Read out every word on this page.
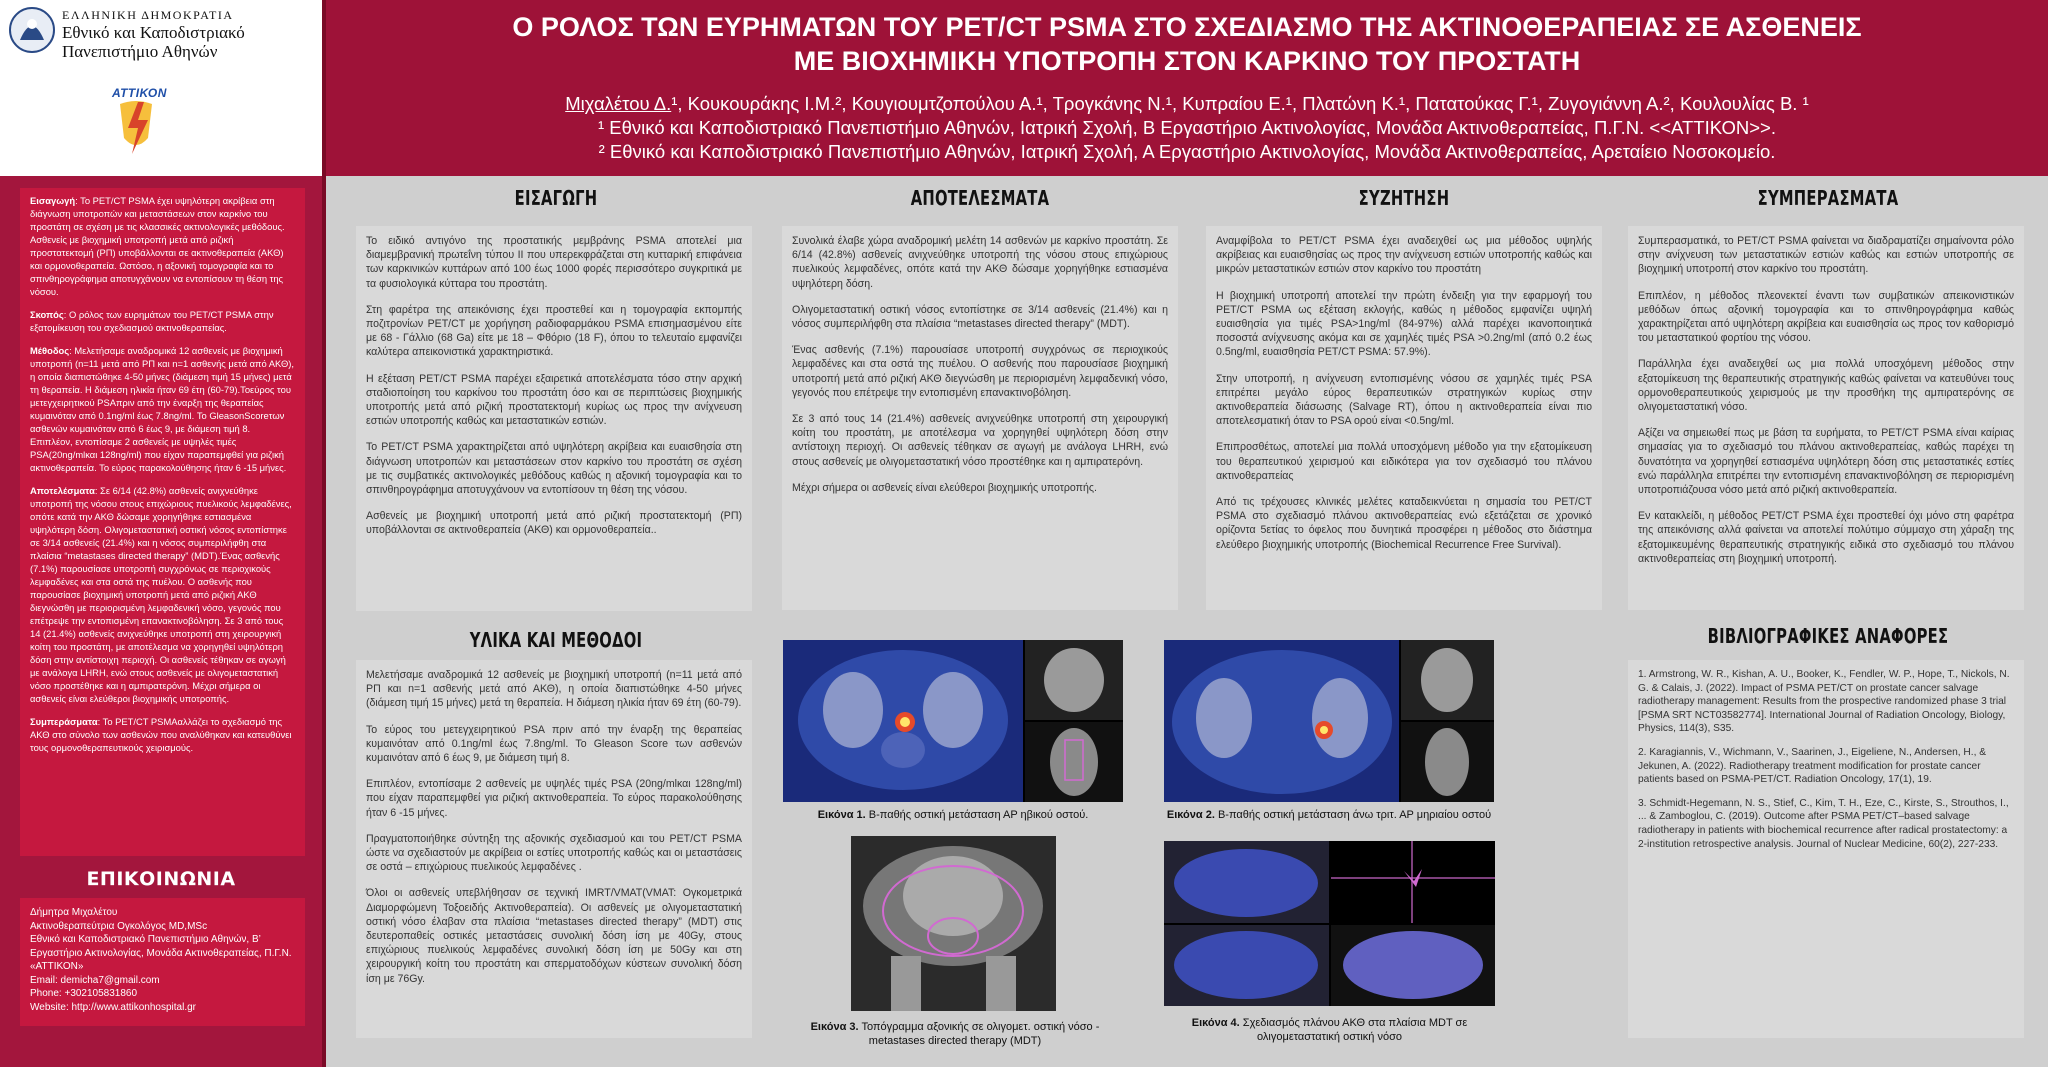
ΕΛΛΗΝΙΚΗ ΔΗΜΟΚΡΑΤΙΑ
Εθνικό και Καποδιστριακό
Πανεπιστήμιο Αθηνών
ΑΤΤΙΚΟΝ
Ο ΡΟΛΟΣ ΤΩΝ ΕΥΡΗΜΑΤΩΝ ΤΟΥ PET/CT PSMA ΣΤΟ ΣΧΕΔΙΑΣΜΟ ΤΗΣ ΑΚΤΙΝΟΘΕΡΑΠΕΙΑΣ ΣΕ ΑΣΘΕΝΕΙΣ
ΜΕ ΒΙΟΧΗΜΙΚΗ ΥΠΟΤΡΟΠΗ ΣΤΟΝ ΚΑΡΚΙΝΟ ΤΟΥ ΠΡΟΣΤΑΤΗ
Μιχαλέτου Δ.¹, Κουκουράκης Ι.Μ.², Κουγιουμτζοπούλου Α.¹, Τρογκάνης Ν.¹, Κυπραίου Ε.¹, Πλατώνη Κ.¹, Πατατούκας Γ.¹, Ζυγογιάννη Α.², Κουλουλίας Β. ¹
¹ Εθνικό και Καποδιστριακό Πανεπιστήμιο Αθηνών, Ιατρική Σχολή, Β Εργαστήριο Ακτινολογίας, Μονάδα Ακτινοθεραπείας, Π.Γ.Ν. <<ΑΤΤΙΚΟΝ>>.
² Εθνικό και Καποδιστριακό Πανεπιστήμιο Αθηνών, Ιατρική Σχολή, Α Εργαστήριο Ακτινολογίας, Μονάδα Ακτινοθεραπείας, Αρεταίειο Νοσοκομείο.

Εισαγωγή: Το PET/CT PSMA έχει υψηλότερη ακρίβεια στη διάγνωση υποτροπών και μεταστάσεων στον καρκίνο του προστάτη σε σχέση με τις κλασσικές ακτινολογικές μεθόδους. Ασθενείς με βιοχημική υποτροπή μετά από ριζική προστατεκτομή (ΡΠ) υποβάλλονται σε ακτινοθεραπεία (ΑΚΘ) και ορμονοθεραπεία. Ωστόσο, η αξονική τομογραφία και το σπινθηρογράφημα αποτυγχάνουν να εντοπίσουν τη θέση της νόσου.

Σκοπός: Ο ρόλος των ευρημάτων του PET/CT PSMA στην εξατομίκευση του σχεδιασμού ακτινοθεραπείας.

Μέθοδος: Μελετήσαμε αναδρομικά 12 ασθενείς με βιοχημική υποτροπή (n=11 μετά από ΡΠ και n=1 ασθενής μετά από ΑΚΘ), η οποία διαπιστώθηκε 4-50 μήνες (διάμεση τιμή 15 μήνες) μετά τη θεραπεία. Η διάμεση ηλικία ήταν 69 έτη (60-79).Τοεύρος του μετεγχειρητικού PSAπριν από την έναρξη της θεραπείας κυμαινόταν από 0.1ng/ml έως 7.8ng/ml. Το GleasonScoreτων ασθενών κυμαινόταν από 6 έως 9, με διάμεση τιμή 8. Επιπλέον, εντοπίσαμε 2 ασθενείς με υψηλές τιμές PSA(20ng/mlκαι 128ng/ml) που είχαν παραπεμφθεί για ριζική ακτινοθεραπεία. Το εύρος παρακολούθησης ήταν 6 -15 μήνες.

Αποτελέσματα: Σε 6/14 (42.8%) ασθενείς ανιχνεύθηκε υποτροπή της νόσου στους επιχώριους πυελικούς λεμφαδένες, οπότε κατά την ΑΚΘ δώσαμε χορηγήθηκε εστιασμένα υψηλότερη δόση. Ολιγομεταστατική οστική νόσος εντοπίστηκε σε 3/14 ασθενείς (21.4%) και η νόσος συμπεριλήφθη στα πλαίσια “metastases directed therapy” (MDT).Ένας ασθενής (7.1%) παρουσίασε υποτροπή συγχρόνως σε περιοχικούς λεμφαδένες και στα οστά της πυέλου. Ο ασθενής που παρουσίασε βιοχημική υποτροπή μετά από ριζική ΑΚΘ διεγνώσθη με περιορισμένη λεμφαδενική νόσο, γεγονός που επέτρεψε την εντοπισμένη επανακτινοβόληση. Σε 3 από τους 14 (21.4%) ασθενείς ανιχνεύθηκε υποτροπή στη χειρουργική κοίτη του προστάτη, με αποτέλεσμα να χορηγηθεί υψηλότερη δόση στην αντίστοιχη περιοχή. Οι ασθενείς τέθηκαν σε αγωγή με ανάλογα LHRH, ενώ στους ασθενείς με ολιγομεταστατική νόσο προστέθηκε και η αμπιρατερόνη. Μέχρι σήμερα οι ασθενείς είναι ελεύθεροι βιοχημικής υποτροπής.

Συμπεράσματα: Το PET/CT PSMAαλλάζει το σχεδιασμό της ΑΚΘ στο σύνολο των ασθενών που αναλύθηκαν και κατευθύνει τους ορμονοθεραπευτικούς χειρισμούς.

ΕΠΙΚΟΙΝΩΝΙΑ
Δήμητρα Μιχαλέτου
Ακτινοθεραπεύτρια Ογκολόγος MD,MSc
Εθνικό και Καποδιστριακό Πανεπιστήμιο Αθηνών, Β’ Εργαστήριο Ακτινολογίας, Μονάδα Ακτινοθεραπείας, Π.Γ.Ν. «ΑΤΤΙΚΟΝ»
Email: demicha7@gmail.com
Phone: +302105831860
Website: http://www.attikonhospital.gr
ΕΙΣΑΓΩΓΗ

Το ειδικό αντιγόνο της προστατικής μεμβράνης PSMA αποτελεί μια διαμεμβρανική πρωτεΐνη τύπου ΙΙ που υπερεκφράζεται στη κυτταρική επιφάνεια των καρκινικών κυττάρων από 100 έως 1000 φορές περισσότερο συγκριτικά με τα φυσιολογικά κύτταρα του προστάτη.

Στη φαρέτρα της απεικόνισης έχει προστεθεί και η τομογραφία εκπομπής ποζιτρονίων PET/CT με χορήγηση ραδιοφαρμάκου PSMA επισημασμένου είτε με 68 - Γάλλιο (68 Ga) είτε με 18 – Φθόριο (18 F), όπου το τελευταίο εμφανίζει καλύτερα απεικονιστικά χαρακτηριστικά.

Η εξέταση PET/CT PSMA παρέχει εξαιρετικά αποτελέσματα τόσο στην αρχική σταδιοποίηση του καρκίνου του προστάτη όσο και σε περιπτώσεις βιοχημικής υποτροπής μετά από ριζική προστατεκτομή κυρίως ως προς την ανίχνευση εστιών υποτροπής καθώς και μεταστατικών εστιών.

Το PET/CT PSMA χαρακτηρίζεται από υψηλότερη ακρίβεια και ευαισθησία στη διάγνωση υποτροπών και μεταστάσεων στον καρκίνο του προστάτη σε σχέση με τις συμβατικές ακτινολογικές μεθόδους καθώς η αξονική τομογραφία και το σπινθηρογράφημα αποτυγχάνουν να εντοπίσουν τη θέση της νόσου.

Ασθενείς με βιοχημική υποτροπή μετά από ριζική προστατεκτομή (ΡΠ) υποβάλλονται σε ακτινοθεραπεία (ΑΚΘ) και ορμονοθεραπεία..

ΥΛΙΚΑ ΚΑΙ ΜΕΘΟΔΟΙ

Μελετήσαμε αναδρομικά 12 ασθενείς με βιοχημική υποτροπή (n=11 μετά από ΡΠ και n=1 ασθενής μετά από ΑΚΘ), η οποία διαπιστώθηκε 4-50 μήνες (διάμεση τιμή 15 μήνες) μετά τη θεραπεία. Η διάμεση ηλικία ήταν 69 έτη (60-79).

Το εύρος του μετεγχειρητικού PSA πριν από την έναρξη της θεραπείας κυμαινόταν από 0.1ng/ml έως 7.8ng/ml. Το Gleason Score των ασθενών κυμαινόταν από 6 έως 9, με διάμεση τιμή 8.

Επιπλέον, εντοπίσαμε 2 ασθενείς με υψηλές τιμές PSA (20ng/mlκαι 128ng/ml) που είχαν παραπεμφθεί για ριζική ακτινοθεραπεία. Το εύρος παρακολούθησης ήταν 6 -15 μήνες.

Πραγματοποιήθηκε σύντηξη της αξονικής σχεδιασμού και του PET/CT PSMA ώστε να σχεδιαστούν με ακρίβεια οι εστίες υποτροπής καθώς και οι μεταστάσεις σε οστά – επιχώριους πυελικούς λεμφαδένες .

Όλοι οι ασθενείς υπεβλήθησαν σε τεχνική IMRT/VMAT(VMAT: Ογκομετρικά Διαμορφώμενη Τοξοειδής Ακτινοθεραπεία). Οι ασθενείς με ολιγομεταστατική οστική νόσο έλαβαν στα πλαίσια “metastases directed therapy” (MDT) στις δευτεροπαθείς οστικές μεταστάσεις συνολική δόση ίση με 40Gy, στους επιχώριους πυελικούς λεμφαδένες συνολική δόση ίση με 50Gy και στη χειρουργική κοίτη του προστάτη και σπερματοδόχων κύστεων συνολική δόση ίση με 76Gy.

ΑΠΟΤΕΛΕΣΜΑΤΑ

Συνολικά έλαβε χώρα αναδρομική μελέτη 14 ασθενών με καρκίνο προστάτη. Σε 6/14 (42.8%) ασθενείς ανιχνεύθηκε υποτροπή της νόσου στους επιχώριους πυελικούς λεμφαδένες, οπότε κατά την ΑΚΘ δώσαμε χορηγήθηκε εστιασμένα υψηλότερη δόση.

Ολιγομεταστατική οστική νόσος εντοπίστηκε σε 3/14 ασθενείς (21.4%) και η νόσος συμπεριλήφθη στα πλαίσια “metastases directed therapy” (MDT).

Ένας ασθενής (7.1%) παρουσίασε υποτροπή συγχρόνως σε περιοχικούς λεμφαδένες και στα οστά της πυέλου. Ο ασθενής που παρουσίασε βιοχημική υποτροπή μετά από ριζική ΑΚΘ διεγνώσθη με περιορισμένη λεμφαδενική νόσο, γεγονός που επέτρεψε την εντοπισμένη επανακτινοβόληση.

Σε 3 από τους 14 (21.4%) ασθενείς ανιχνεύθηκε υποτροπή στη χειρουργική κοίτη του προστάτη, με αποτέλεσμα να χορηγηθεί υψηλότερη δόση στην αντίστοιχη περιοχή. Οι ασθενείς τέθηκαν σε αγωγή με ανάλογα LHRH, ενώ στους ασθενείς με ολιγομεταστατική νόσο προστέθηκε και η αμπιρατερόνη.

Μέχρι σήμερα οι ασθενείς είναι ελεύθεροι βιοχημικής υποτροπής.

ΣΥΖΗΤΗΣΗ

Αναμφίβολα το PET/CT PSMA έχει αναδειχθεί ως μια μέθοδος υψηλής ακρίβειας και ευαισθησίας ως προς την ανίχνευση εστιών υποτροπής καθώς και μικρών μεταστατικών εστιών στον καρκίνο του προστάτη

Η βιοχημική υποτροπή αποτελεί την πρώτη ένδειξη για την εφαρμογή του PET/CT PSMA ως εξέταση εκλογής, καθώς η μέθοδος εμφανίζει υψηλή ευαισθησία για τιμές PSA>1ng/ml (84-97%) αλλά παρέχει ικανοποιητικά ποσοστά ανίχνευσης ακόμα και σε χαμηλές τιμές PSA >0.2ng/ml (από 0.2 έως 0.5ng/ml, ευαισθησία PET/CT PSMA: 57.9%).

Στην υποτροπή, η ανίχνευση εντοπισμένης νόσου σε χαμηλές τιμές PSA επιτρέπει μεγάλο εύρος θεραπευτικών στρατηγικών κυρίως στην ακτινοθεραπεία διάσωσης (Salvage RT), όπου η ακτινοθεραπεία είναι πιο αποτελεσματική όταν το PSA ορού είναι <0.5ng/ml.

Επιπροσθέτως, αποτελεί μια πολλά υποσχόμενη μέθοδο για την εξατομίκευση του θεραπευτικού χειρισμού και ειδικότερα για τον σχεδιασμό του πλάνου ακτινοθεραπείας

Από τις τρέχουσες κλινικές μελέτες καταδεικνύεται η σημασία του PET/CT PSMA στο σχεδιασμό πλάνου ακτινοθεραπείας ενώ εξετάζεται σε χρονικό ορίζοντα 5ετίας το όφελος που δυνητικά προσφέρει η μέθοδος στο διάστημα ελεύθερο βιοχημικής υποτροπής (Biochemical Recurrence Free Survival).

ΣΥΜΠΕΡΑΣΜΑΤΑ

Συμπερασματικά, το PET/CT PSMA φαίνεται να διαδραματίζει σημαίνοντα ρόλο στην ανίχνευση των μεταστατικών εστιών καθώς και εστιών υποτροπής σε βιοχημική υποτροπή στον καρκίνο του προστάτη.

Επιπλέον, η μέθοδος πλεονεκτεί έναντι των συμβατικών απεικονιστικών μεθόδων όπως αξονική τομογραφία και το σπινθηρογράφημα καθώς χαρακτηρίζεται από υψηλότερη ακρίβεια και ευαισθησία ως προς τον καθορισμό του μεταστατικού φορτίου της νόσου.

Παράλληλα έχει αναδειχθεί ως μια πολλά υποσχόμενη μέθοδος στην εξατομίκευση της θεραπευτικής στρατηγικής καθώς φαίνεται να κατευθύνει τους ορμονοθεραπευτικούς χειρισμούς με την προσθήκη της αμπιρατερόνης σε ολιγομεταστατική νόσο.

Αξίζει να σημειωθεί πως με βάση τα ευρήματα, το PET/CT PSMA είναι καίριας σημασίας για το σχεδιασμό του πλάνου ακτινοθεραπείας, καθώς παρέχει τη δυνατότητα να χορηγηθεί εστιασμένα υψηλότερη δόση στις μεταστατικές εστίες ενώ παράλληλα επιτρέπει την εντοπισμένη επανακτινοβόληση σε περιορισμένη υποτροπιάζουσα νόσο μετά από ριζική ακτινοθεραπεία.

Εν κατακλείδι, η μέθοδος PET/CT PSMA έχει προστεθεί όχι μόνο στη φαρέτρα της απεικόνισης αλλά φαίνεται να αποτελεί πολύτιμο σύμμαχο στη χάραξη της εξατομικευμένης θεραπευτικής στρατηγικής ειδικά στο σχεδιασμό του πλάνου ακτινοθεραπείας στη βιοχημική υποτροπή.

ΒΙΒΛΙΟΓΡΑΦΙΚΕΣ ΑΝΑΦΟΡΕΣ

1. Armstrong, W. R., Kishan, A. U., Booker, K., Fendler, W. P., Hope, T., Nickols, N. G. & Calais, J. (2022). Impact of PSMA PET/CT on prostate cancer salvage radiotherapy management: Results from the prospective randomized phase 3 trial [PSMA SRT NCT03582774]. International Journal of Radiation Oncology, Biology, Physics, 114(3), S35.

2. Karagiannis, V., Wichmann, V., Saarinen, J., Eigeliene, N., Andersen, H., & Jekunen, A. (2022). Radiotherapy treatment modification for prostate cancer patients based on PSMA-PET/CT. Radiation Oncology, 17(1), 19.

3. Schmidt-Hegemann, N. S., Stief, C., Kim, T. H., Eze, C., Kirste, S., Strouthos, I., ... & Zamboglou, C. (2019). Outcome after PSMA PET/CT–based salvage radiotherapy in patients with biochemical recurrence after radical prostatectomy: a 2-institution retrospective analysis. Journal of Nuclear Medicine, 60(2), 227-233.

Εικόνα 1. Β-παθής οστική μετάσταση ΑΡ ηβικού οστού.	Εικόνα 2. Β-παθής οστική μετάσταση άνω τριτ. ΑΡ μηριαίου οστού
Εικόνα 3. Τοπόγραμμα αξονικής σε ολιγομετ. οστική νόσο - metastases directed therapy (MDT)
Εικόνα 4. Σχεδιασμός πλάνου ΑΚΘ στα πλαίσια MDT σε ολιγομεταστατική οστική νόσο
